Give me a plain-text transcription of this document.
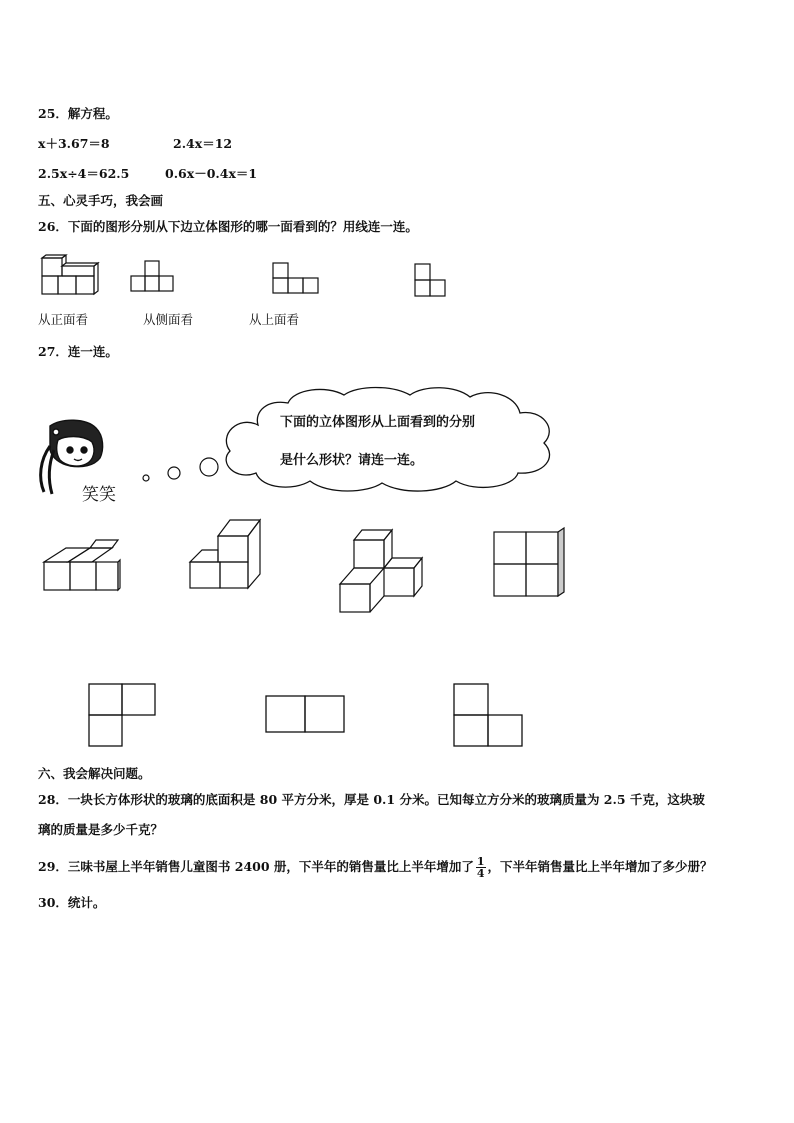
25．解方程。
x＋3.67＝8	2.4x＝12
2.5x÷4＝62.5	0.6x－0.4x＝1
五、心灵手巧，我会画
26．下面的图形分别从下边立体图形的哪一面看到的？用线连一连。
从正面看	从侧面看	从上面看
27．连一连。
笑笑
下面的立体图形从上面看到的分别
是什么形状？请连一连。
六、我会解决问题。
28．一块长方体形状的玻璃的底面积是 80 平方分米，厚是 0.1 分米。已知每立方分米的玻璃质量为 2.5 千克，这块玻
璃的质量是多少千克？
29．三味书屋上半年销售儿童图书 2400 册，下半年的销售量比上半年增加了 $\frac{1}{4}$ ，下半年销售量比上半年增加了多少册？
30．统计。
